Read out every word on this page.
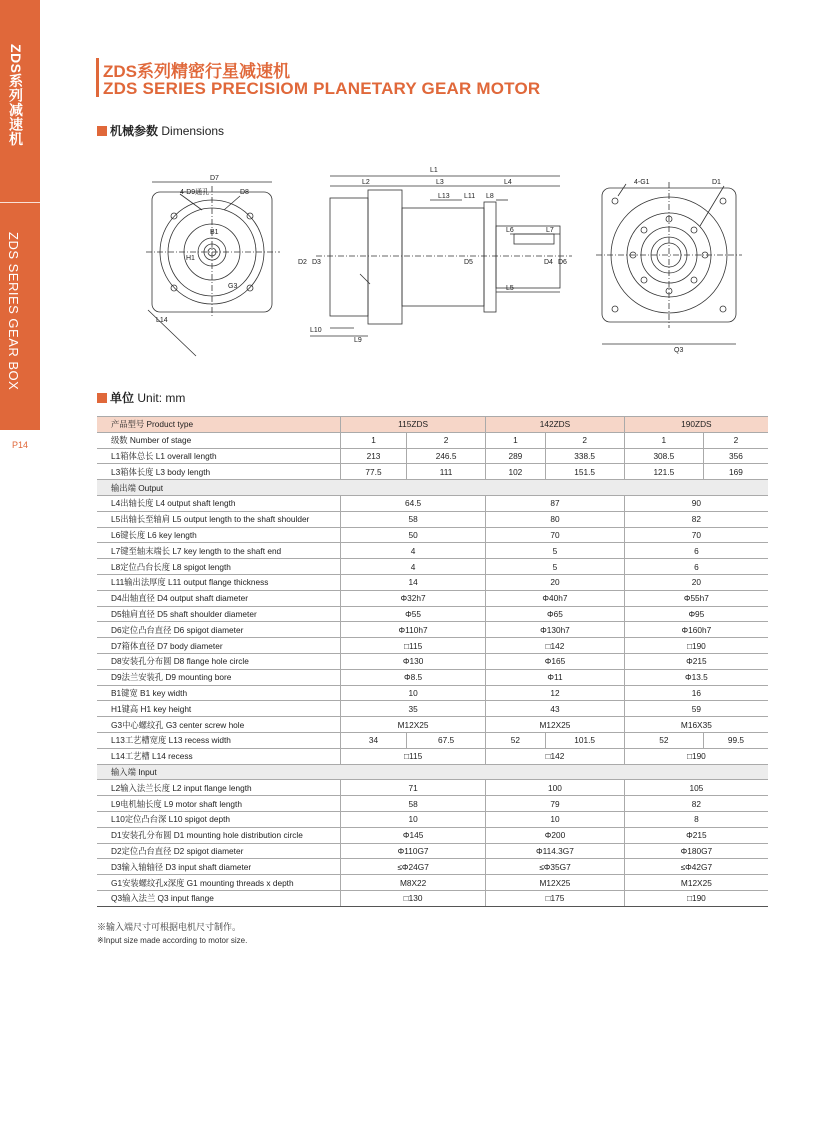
ZDS系列减速机
ZDS SERIES GEAR BOX
P14
ZDS系列精密行星减速机
ZDS SERIES PRECISIOM PLANETARY GEAR MOTOR
机械参数 Dimensions
D7
4-D9通孔	D8
B1
H1
G3
L14
L1
L2	L3	L4
L13 L11 L8
L6	L7
D2 D3	D5	D4 D6
L5
L10
L9
4-G1	D1
Q3
单位 Unit: mm
产品型号 Product type	115ZDS		142ZDS		190ZDS	
级数 Number of stage	1	2	1	2	1	2
L1箱体总长 L1 overall length	213	246.5	289	338.5	308.5	356
L3箱体长度 L3 body length	77.5	111	102	151.5	121.5	169
输出端 Output						
L4出轴长度 L4 output shaft length	64.5		87		90	
L5出轴长至轴肩 L5 output length to the shaft shoulder	58		80		82	
L6键长度 L6 key length	50		70		70	
L7键至轴末端长 L7 key length to the shaft end	4		5		6	
L8定位凸台长度 L8 spigot length	4		5		6	
L11输出法厚度 L11 output flange thickness	14		20		20	
D4出轴直径 D4 output shaft diameter	Φ32h7		Φ40h7		Φ55h7	
D5轴肩直径 D5 shaft shoulder diameter	Φ55		Φ65		Φ95	
D6定位凸台直径 D6 spigot diameter	Φ110h7		Φ130h7		Φ160h7	
D7箱体直径 D7 body diameter	□115		□142		□190	
D8安装孔分布圆 D8 flange hole circle	Φ130		Φ165		Φ215	
D9法兰安装孔 D9 mounting bore	Φ8.5		Φ11		Φ13.5	
B1键宽 B1 key width	10		12		16	
H1键高 H1 key height	35		43		59	
G3中心螺纹孔 G3 center screw hole	M12X25		M12X25		M16X35	
L13工艺槽宽度 L13 recess width	34	67.5	52	101.5	52	99.5
L14工艺槽 L14 recess	□115		□142		□190	
输入端 Input						
L2输入法兰长度 L2 input flange length	71		100		105	
L9电机轴长度 L9 motor shaft length	58		79		82	
L10定位凸台深 L10 spigot depth	10		10		8	
D1安装孔分布圆 D1 mounting hole distribution circle	Φ145		Φ200		Φ215	
D2定位凸台直径 D2 spigot diameter	Φ110G7		Φ114.3G7		Φ180G7	
D3输入轴轴径 D3 input shaft diameter	≤Φ24G7		≤Φ35G7		≤Φ42G7	
G1安装螺纹孔x深度 G1 mounting threads x depth	M8X22		M12X25		M12X25	
Q3输入法兰 Q3 input flange	□130		□175		□190	
※输入端尺寸可根据电机尺寸制作。
※Input size made according to motor size.
